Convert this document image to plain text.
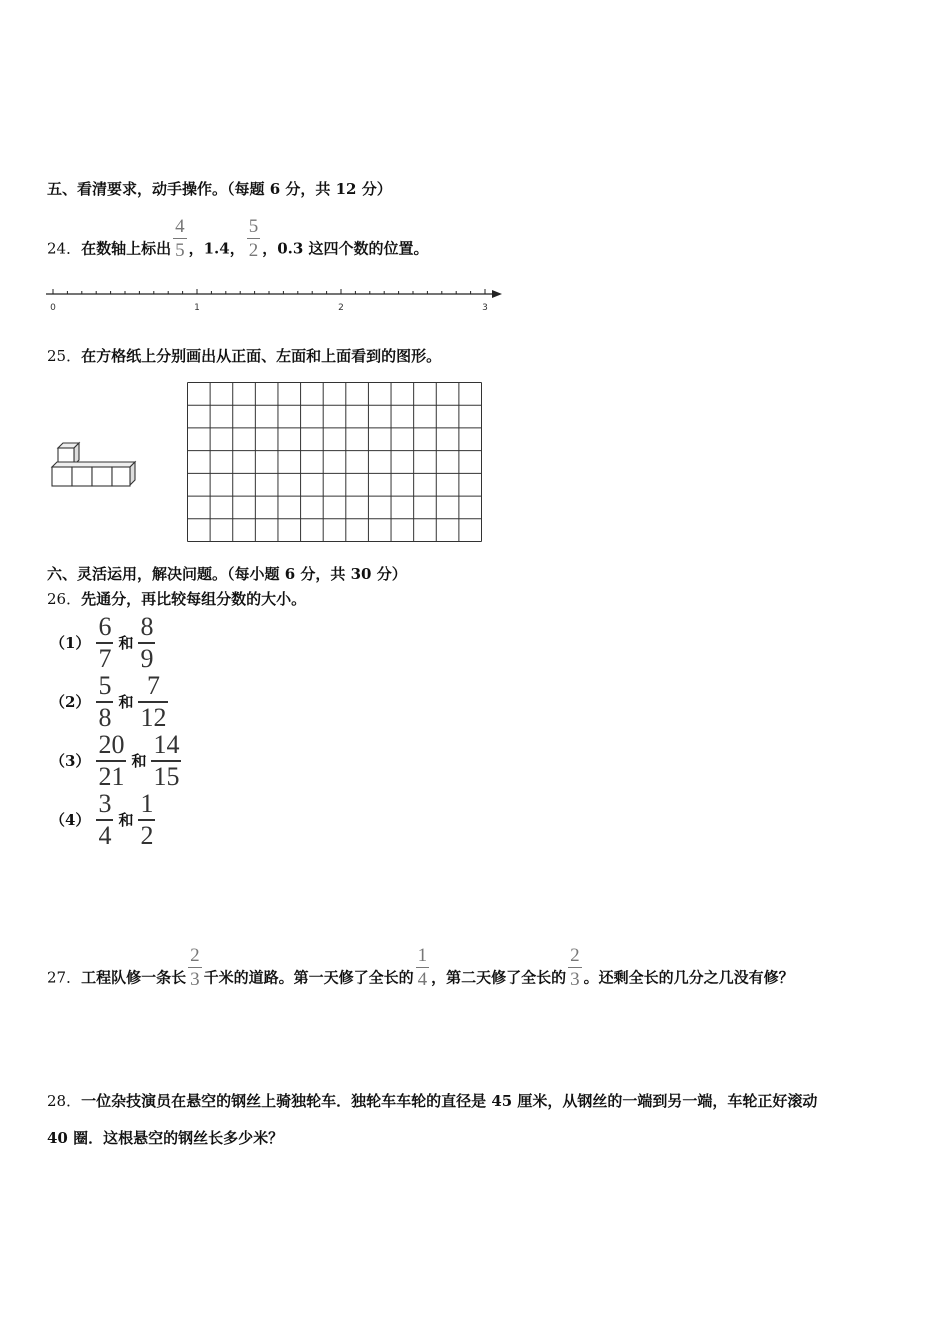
五、看清要求，动手操作。（每题 6 分，共 12 分）
24．在数轴上标出 $\frac{4}{5}$ ，1.4， $\frac{5}{2}$ ，0.3 这四个数的位置。
0	1	2	3
25．在方格纸上分别画出从正面、左面和上面看到的图形。
六、灵活运用，解决问题。（每小题 6 分，共 30 分）
26．先通分，再比较每组分数的大小。
$(1) \frac{6}{7}$ 和 $\frac{8}{9}$
$(2) \frac{5}{8}$ 和 $\frac{7}{12}$
$(3) \frac{20}{21}$ 和 $\frac{14}{15}$
$(4) \frac{3}{4}$ 和 $\frac{1}{2}$
27．工程队修一条长 $\frac{2}{3}$ 千米的道路。第一天修了全长的 $\frac{1}{4}$ ，第二天修了全长的 $\frac{2}{3}$ 。还剩全长的几分之几没有修？
28．一位杂技演员在悬空的钢丝上骑独轮车．独轮车车轮的直径是 45 厘米，从钢丝的一端到另一端，车轮正好滚动
40 圈．这根悬空的钢丝长多少米？
